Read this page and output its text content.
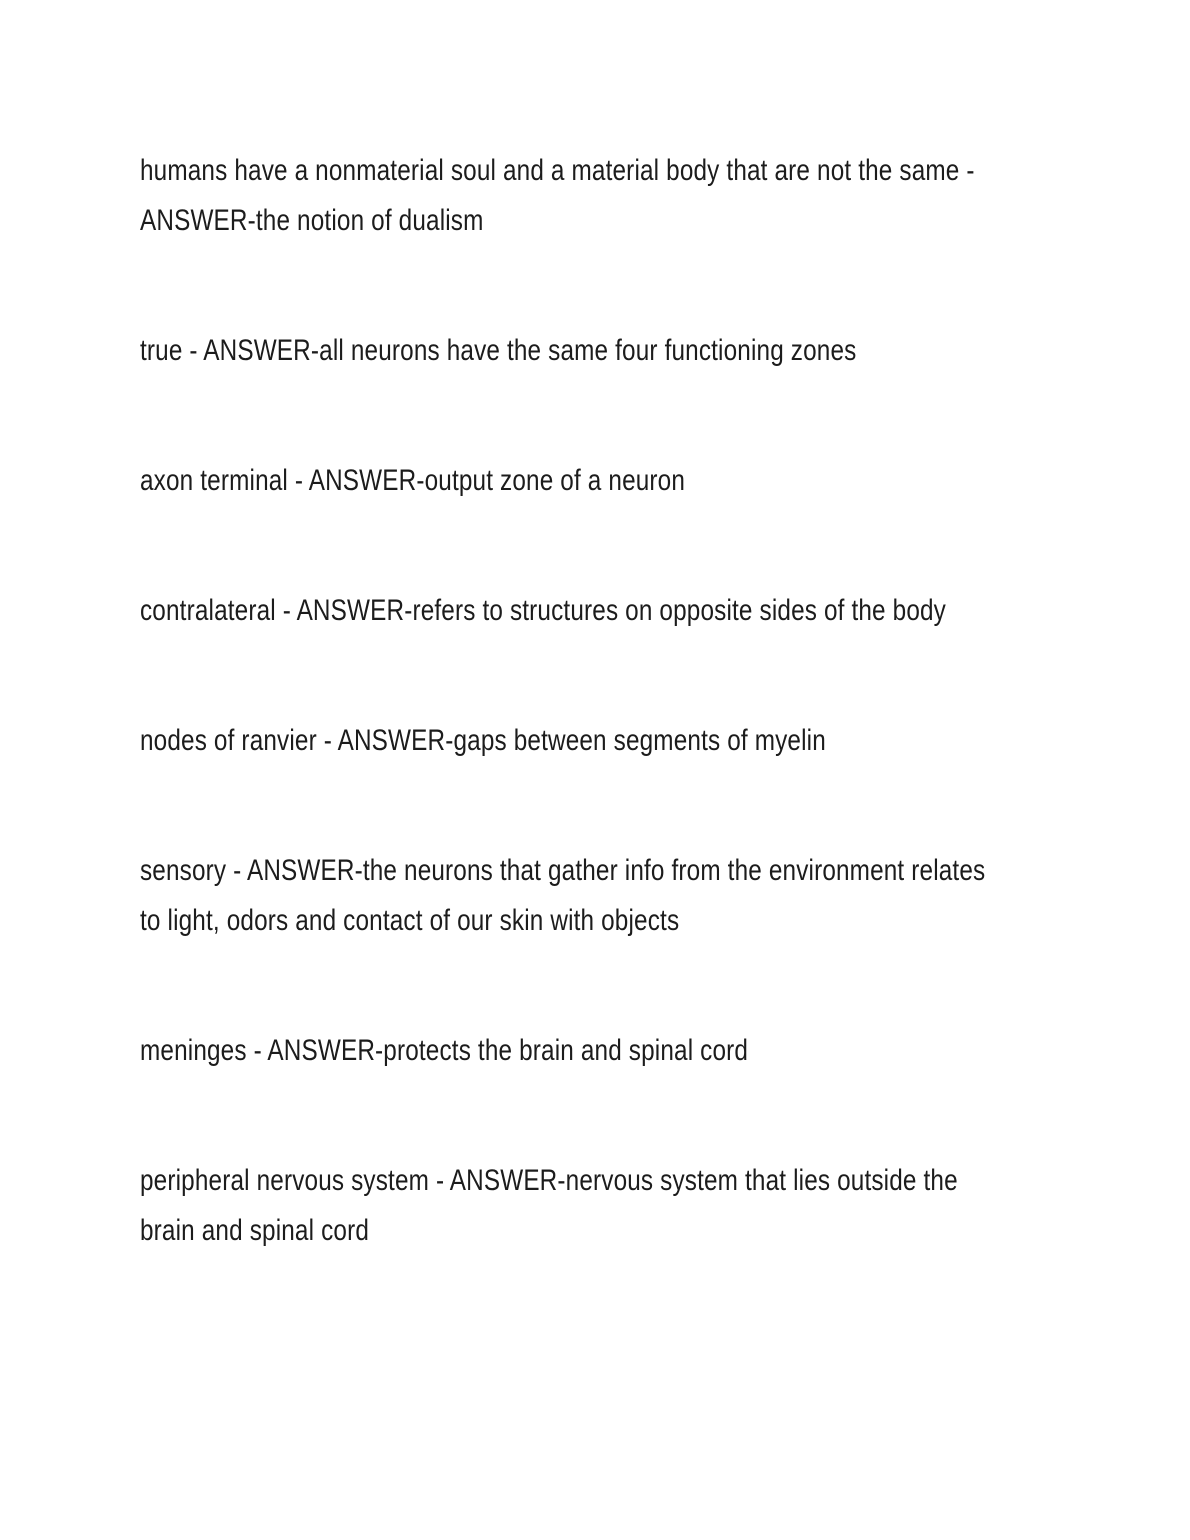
humans have a nonmaterial soul and a material body that are not the same - ANSWER-the notion of dualism

true - ANSWER-all neurons have the same four functioning zones

axon terminal - ANSWER-output zone of a neuron

contralateral - ANSWER-refers to structures on opposite sides of the body

nodes of ranvier - ANSWER-gaps between segments of myelin

sensory - ANSWER-the neurons that gather info from the environment relates to light, odors and contact of our skin with objects

meninges - ANSWER-protects the brain and spinal cord

peripheral nervous system - ANSWER-nervous system that lies outside the brain and spinal cord
